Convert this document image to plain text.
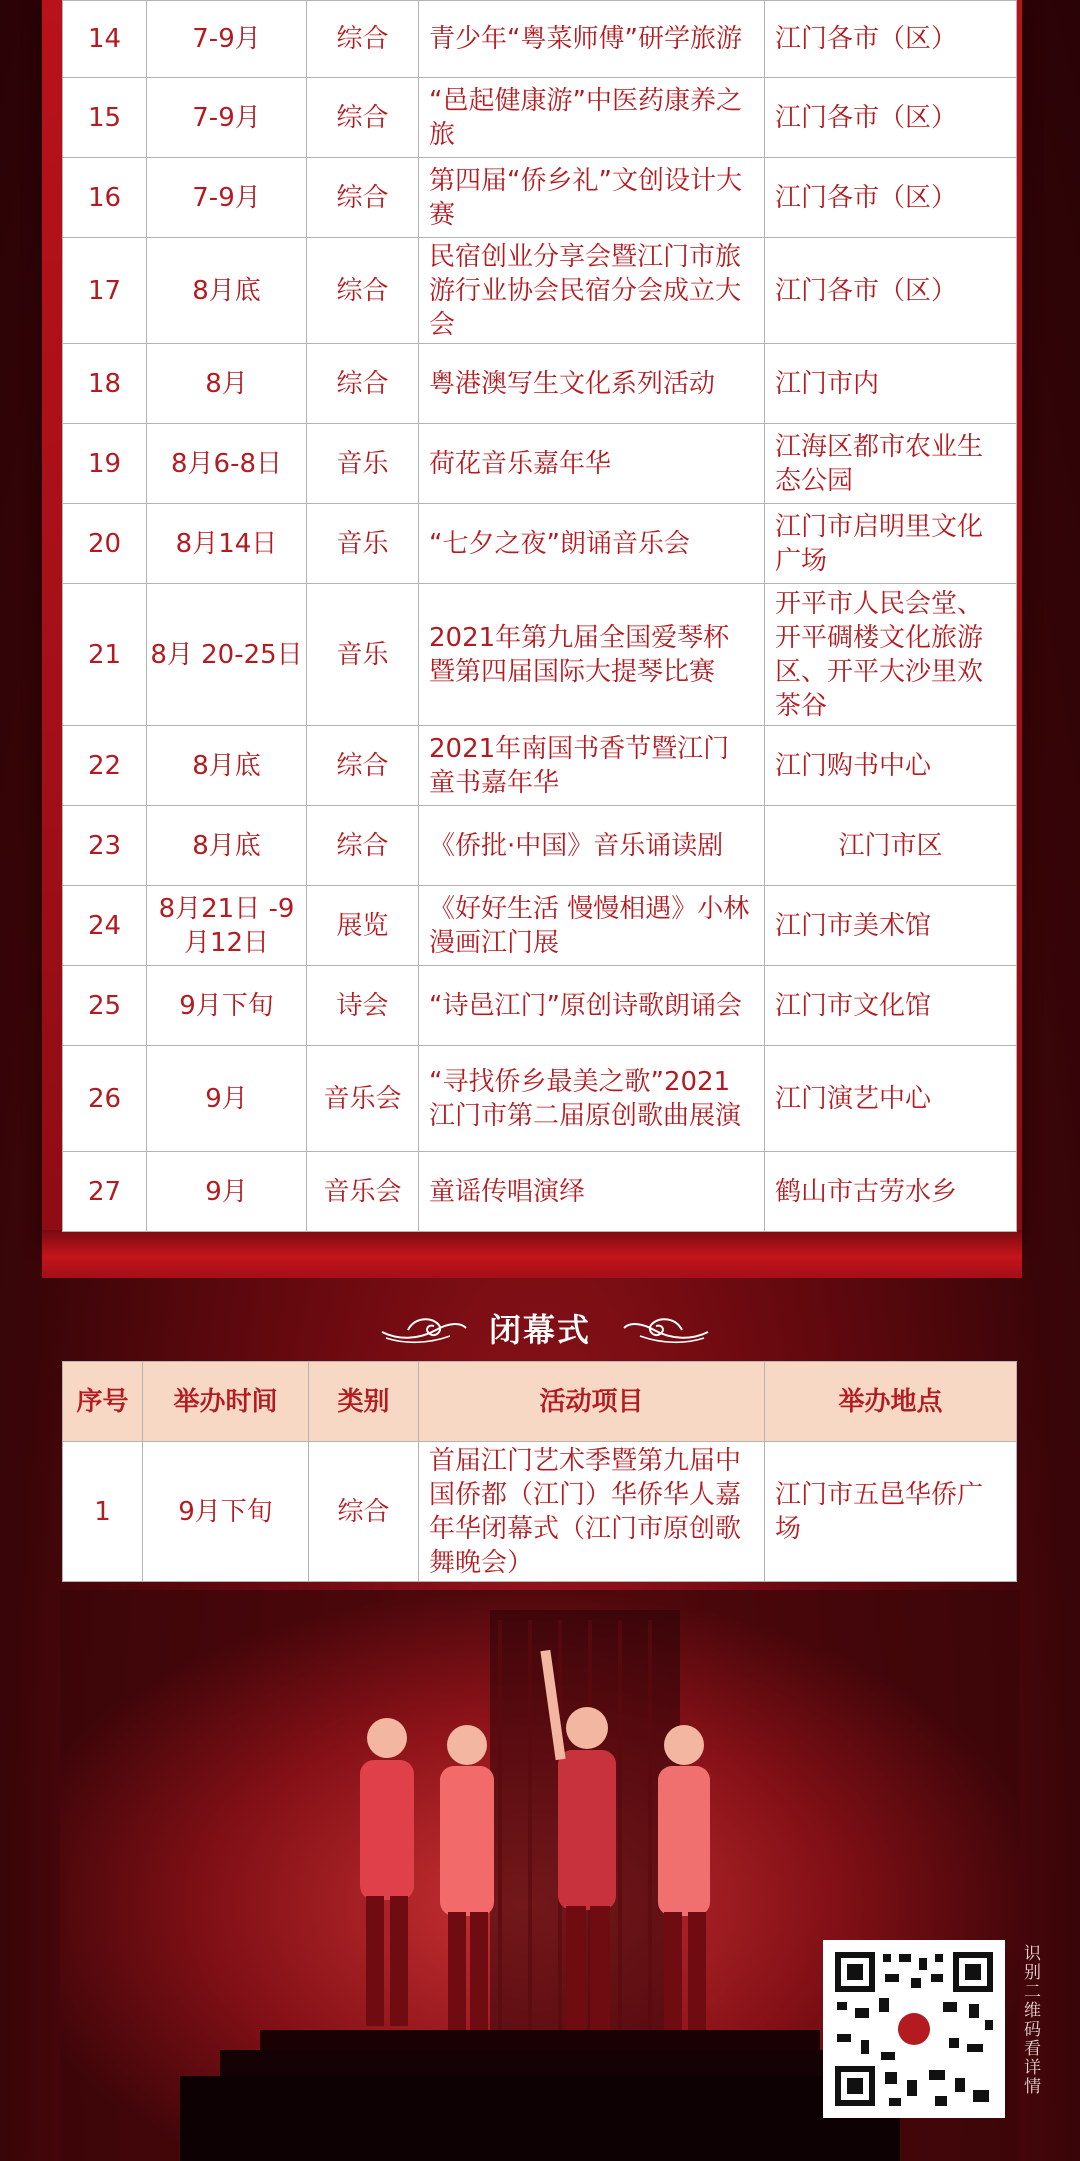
14	7-9月	综合	青少年“粤菜师傅”研学旅游	江门各市（区）
15	7-9月	综合	“邑起健康游”中医药康养之旅	江门各市（区）
16	7-9月	综合	第四届“侨乡礼”文创设计大赛	江门各市（区）
17	8月底	综合	民宿创业分享会暨江门市旅游行业协会民宿分会成立大会	江门各市（区）
18	8月	综合	粤港澳写生文化系列活动	江门市内
19	8月6-8日	音乐	荷花音乐嘉年华	江海区都市农业生态公园
20	8月14日	音乐	“七夕之夜”朗诵音乐会	江门市启明里文化广场
21	8月 20-25日	音乐	2021年第九届全国爱琴杯暨第四届国际大提琴比赛	开平市人民会堂、开平碉楼文化旅游区、开平大沙里欢茶谷
22	8月底	综合	2021年南国书香节暨江门童书嘉年华	江门购书中心
23	8月底	综合	《侨批·中国》音乐诵读剧	江门市区
24	8月21日 -9月12日	展览	《好好生活 慢慢相遇》小林漫画江门展	江门市美术馆
25	9月下旬	诗会	“诗邑江门”原创诗歌朗诵会	江门市文化馆
26	9月	音乐会	“寻找侨乡最美之歌”2021江门市第二届原创歌曲展演	江门演艺中心
27	9月	音乐会	童谣传唱演绎	鹤山市古劳水乡
闭幕式
序号	举办时间	类别	活动项目	举办地点
1	9月下旬	综合	首届江门艺术季暨第九届中国侨都（江门）华侨华人嘉年华闭幕式（江门市原创歌舞晚会）	江门市五邑华侨广场
识别二维码看详情
